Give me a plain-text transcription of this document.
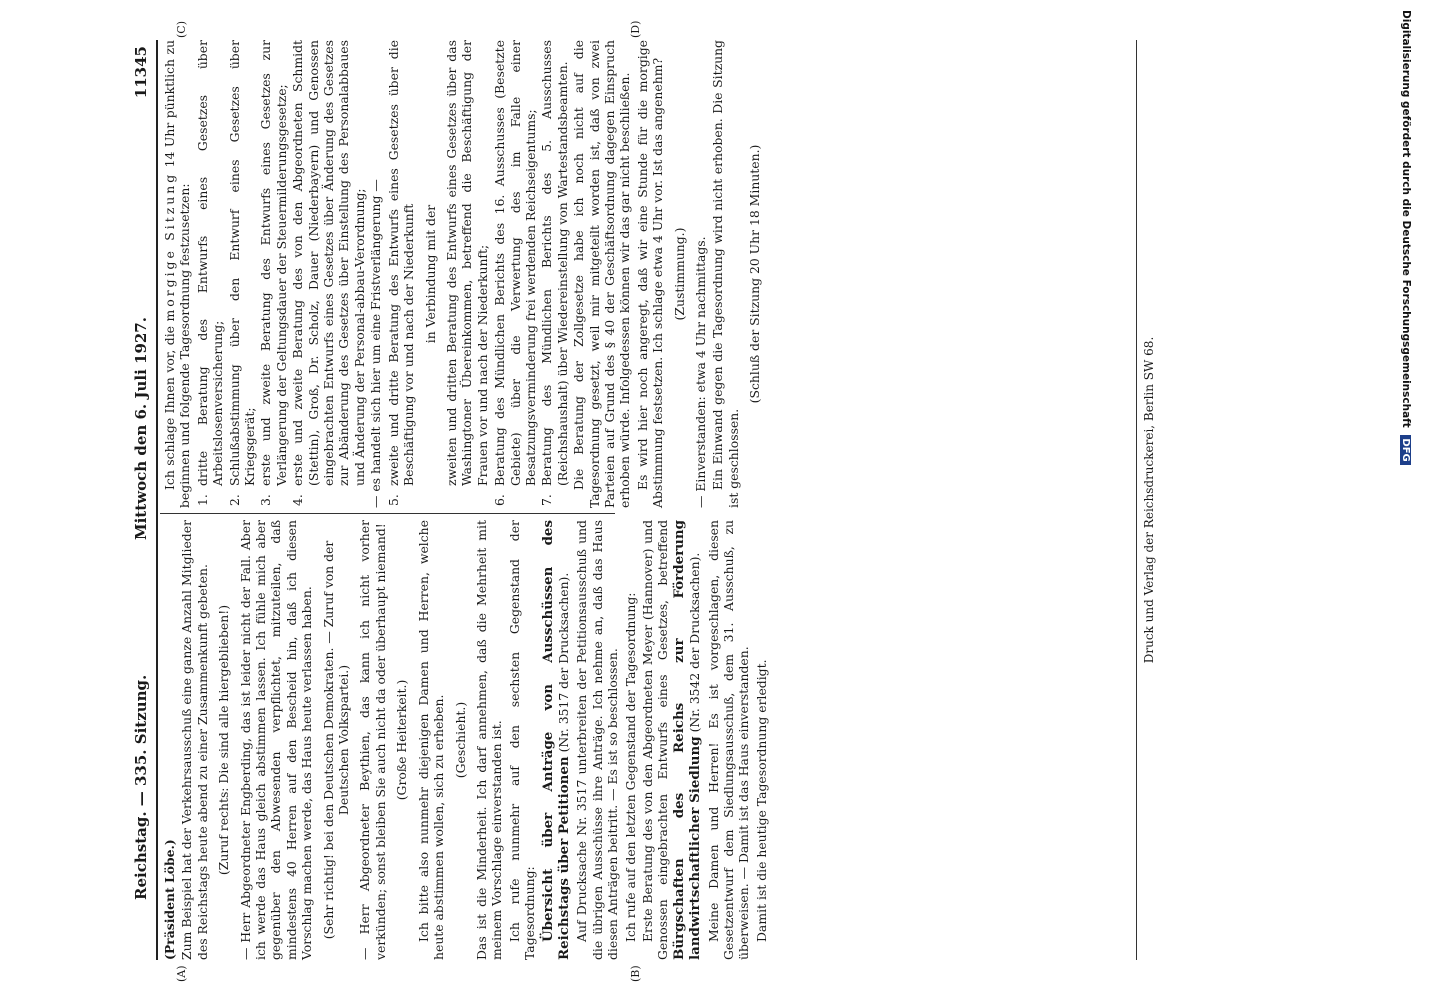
Reichstag. — 335. Sitzung.
Mittwoch den 6. Juli 1927.
11345
(A)	(B)
(C)	(D)

(Präsident Löbe.) Zum Beispiel hat der Verkehrsausschuß eine ganze Anzahl Mitglieder des Reichstags heute abend zu einer Zusammenkunft gebeten. (Zuruf rechts: Die sind alle hiergeblieben!) — Herr Abgeordneter Engberding, das ist leider nicht der Fall. Aber ich werde das Haus gleich abstimmen lassen. Ich fühle mich aber gegenüber den Abwesenden verpflichtet, mitzuteilen, daß mindestens 40 Herren auf den Bescheid hin, daß ich diesen Vorschlag machen werde, das Haus heute verlassen haben. (Sehr richtig! bei den Deutschen Demokraten. — Zuruf von der Deutschen Volkspartei.) — Herr Abgeordneter Beythien, das kann ich nicht vorher verkünden; sonst bleiben Sie auch nicht da oder überhaupt niemand! (Große Heiterkeit.) Ich bitte also nunmehr diejenigen Damen und Herren, welche heute abstimmen wollen, sich zu erheben. (Geschieht.) Das ist die Minderheit. Ich darf annehmen, daß die Mehrheit mit meinem Vorschlage einverstanden ist. Ich rufe nunmehr auf den sechsten Gegenstand der Tagesordnung: Übersicht über Anträge von Ausschüssen des Reichstags über Petitionen (Nr. 3517 der Drucksachen). Auf Drucksache Nr. 3517 unterbreiten der Petitionsausschuß und die übrigen Ausschüsse ihre Anträge. Ich nehme an, daß das Haus diesen Anträgen beitritt. — Es ist so beschlossen. Ich rufe auf den letzten Gegenstand der Tagesordnung: Erste Beratung des von den Abgeordneten Meyer (Hannover) und Genossen eingebrachten Entwurfs eines Gesetzes, betreffend Bürgschaften des Reichs zur Förderung landwirtschaftlicher Siedlung (Nr. 3542 der Drucksachen). Meine Damen und Herren! Es ist vorgeschlagen, diesen Gesetzentwurf dem Siedlungsausschuß, dem 31. Ausschuß, zu überweisen. — Damit ist das Haus einverstanden. Damit ist die heutige Tagesordnung erledigt.

Ich schlage Ihnen vor, die morgige Sitzung 14 Uhr pünktlich zu beginnen und folgende Tagesordnung festzusetzen: 1.
dritte Beratung des Entwurfs eines Gesetzes über Arbeitslosenversicherung;
2.
Schlußabstimmung über den Entwurf eines Gesetzes über Kriegsgerät;
3.
erste und zweite Beratung des Entwurfs eines Gesetzes zur Verlängerung der Geltungsdauer der Steuermilderungsgesetze;
4.
erste und zweite Beratung des von den Abgeordneten Schmidt (Stettin), Groß, Dr. Scholz, Dauer (Niederbayern) und Genossen eingebrachten Entwurfs eines Gesetzes über Änderung des Gesetzes zur Abänderung des Gesetzes über Einstellung des Personalabbaues und Änderung der Personal-abbau-Verordnung; — es handelt sich hier um eine Fristverlängerung — 5.
zweite und dritte Beratung des Entwurfs eines Gesetzes über die Beschäftigung vor und nach der Niederkunft in Verbindung mit der zweiten und dritten Beratung des Entwurfs eines Gesetzes über das Washingtoner Übereinkommen, betreffend die Beschäftigung der Frauen vor und nach der Niederkunft;

6.
Beratung des Mündlichen Berichts des 16. Ausschusses (Besetzte Gebiete) über die Verwertung des im Falle einer Besatzungsverminderung frei werdenden Reichseigentums;
7.
Beratung des Mündlichen Berichts des 5. Ausschusses (Reichshaushalt) über Wiedereinstellung von Wartestandsbeamten. Die Beratung der Zollgesetze habe ich noch nicht auf die Tagesordnung gesetzt, weil mir mitgeteilt worden ist, daß von zwei Parteien auf Grund des § 40 der Geschäftsordnung dagegen Einspruch erhoben würde. Infolgedessen können wir das gar nicht beschließen. Es wird hier noch angeregt, daß wir eine Stunde für die morgige Abstimmung festsetzen. Ich schlage etwa 4 Uhr vor. Ist das angenehm? (Zustimmung.) — Einverstanden: etwa 4 Uhr nachmittags. Ein Einwand gegen die Tagesordnung wird nicht erhoben. Die Sitzung ist geschlossen.

(Schluß der Sitzung 20 Uhr 18 Minuten.)

Druck und Verlag der Reichsdruckerei, Berlin SW 68.
Digitalisierung gefördert durch die Deutsche Forschungsgemeinschaft DFG
